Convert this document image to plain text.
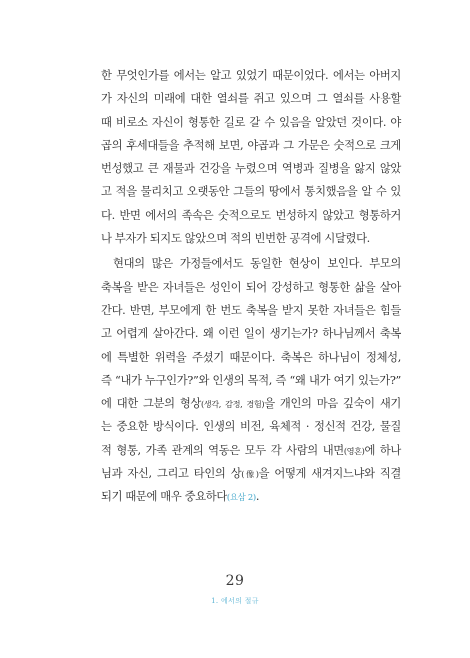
한 무엇인가를 에서는 알고 있었기 때문이었다. 에서는 아버지
가 자신의 미래에 대한 열쇠를 쥐고 있으며 그 열쇠를 사용할
때 비로소 자신이 형통한 길로 갈 수 있음을 알았던 것이다. 야
곱의 후세대들을 추적해 보면, 야곱과 그 가문은 숫적으로 크게
번성했고 큰 재물과 건강을 누렸으며 역병과 질병을 앓지 않았
고 적을 물리치고 오랫동안 그들의 땅에서 통치했음을 알 수 있
다. 반면 에서의 족속은 숫적으로도 번성하지 않았고 형통하거
나 부자가 되지도 않았으며 적의 빈번한 공격에 시달렸다.
현대의 많은 가정들에서도 동일한 현상이 보인다. 부모의
축복을 받은 자녀들은 성인이 되어 강성하고 형통한 삶을 살아
간다. 반면, 부모에게 한 번도 축복을 받지 못한 자녀들은 힘들
고 어렵게 살아간다. 왜 이런 일이 생기는가? 하나님께서 축복
에 특별한 위력을 주셨기 때문이다. 축복은 하나님이 정체성,
즉 “내가 누구인가?”와 인생의 목적, 즉 “왜 내가 여기 있는가?”
에 대한 그분의 형상(생각, 감정, 경험)을 개인의 마음 깊숙이 새기
는 중요한 방식이다. 인생의 비전, 육체적 · 정신적 건강, 물질
적 형통, 가족 관계의 역동은 모두 각 사람의 내면(영혼)에 하나
님과 자신, 그리고 타인의 상(像)을 어떻게 새겨지느냐와 직결
되기 때문에 매우 중요하다(요삼 2).
29
1. 에서의 절규
